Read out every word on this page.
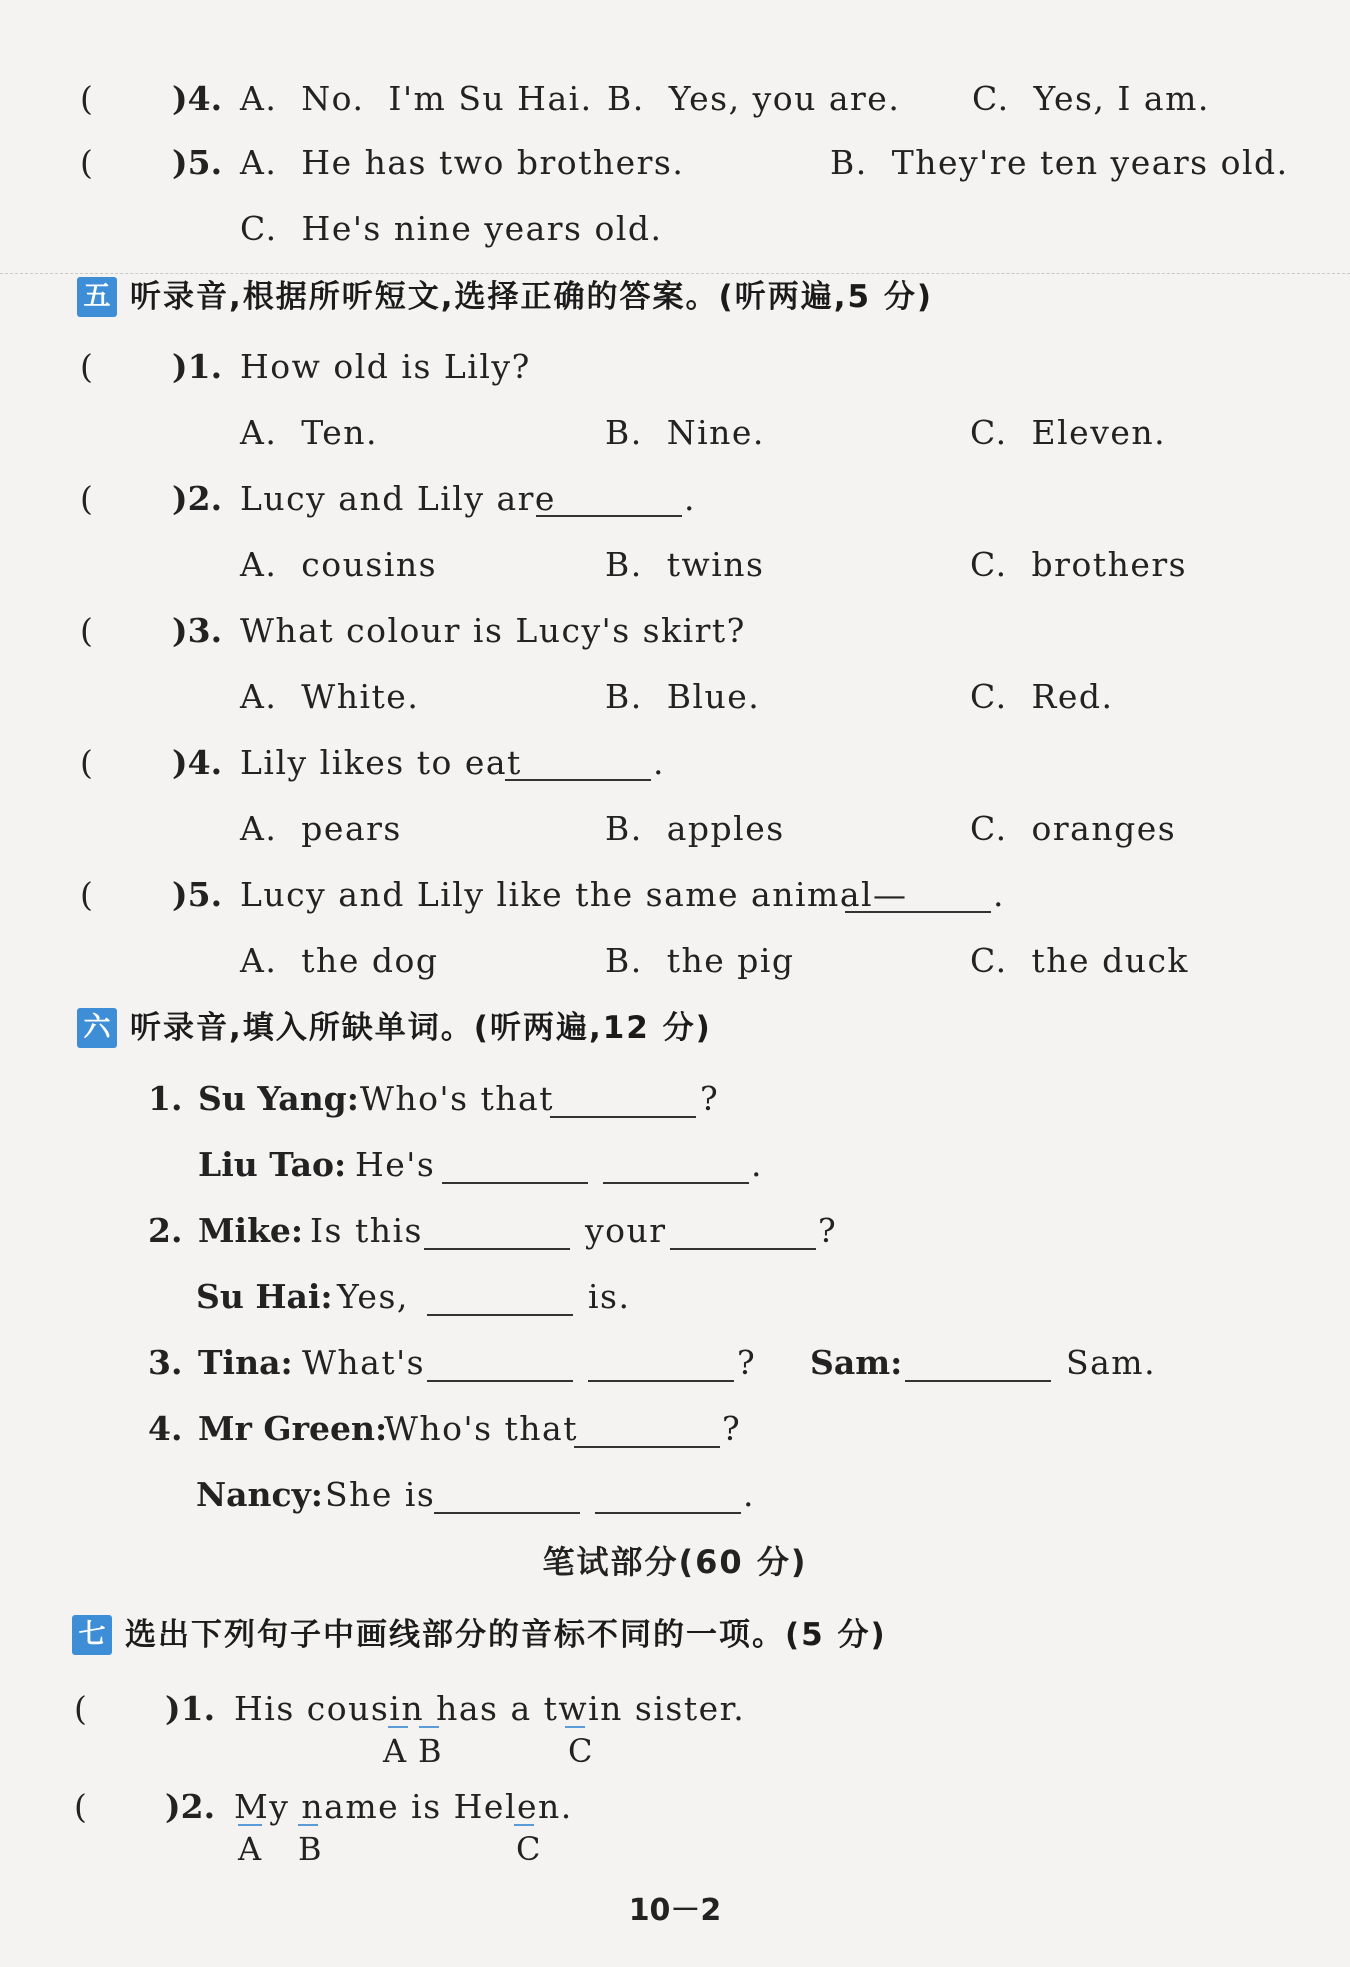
( )4. A.  No.  I'm Su Hai. B.  Yes, you are. C.  Yes, I am.
( )5. A.  He has two brothers.	B.  They're ten years old.
C.  He's nine years old.
五 听录音,根据所听短文,选择正确的答案。(听两遍,5 分)
( )1. How old is Lily?
A.  Ten.	B.  Nine.	C.  Eleven.
( )2. Lucy and Lily are	.
A.  cousins	B.  twins	C.  brothers
( )3. What colour is Lucy's skirt?
A.  White.	B.  Blue.	C.  Red.
( )4. Lily likes to eat	.
A.  pears	B.  apples	C.  oranges
( )5. Lucy and Lily like the same animal—	.
A.  the dog	B.  the pig	C.  the duck
六 听录音,填入所缺单词。(听两遍,12 分)
1. Su Yang: Who's that	?
Liu Tao: He's	.
2. Mike: Is this	your	?
Su Hai: Yes,	is.
3. Tina: What's	? Sam:	Sam.
4. Mr Green:
Who's that	?
Nancy: She is	.
笔试部分(60 分)
七 选出下列句子中画线部分的音标不同的一项。(5 分)
( )1. His cousin has a twin sister.
A B	C
( )2. My name is Helen.
A B	C
10－2
